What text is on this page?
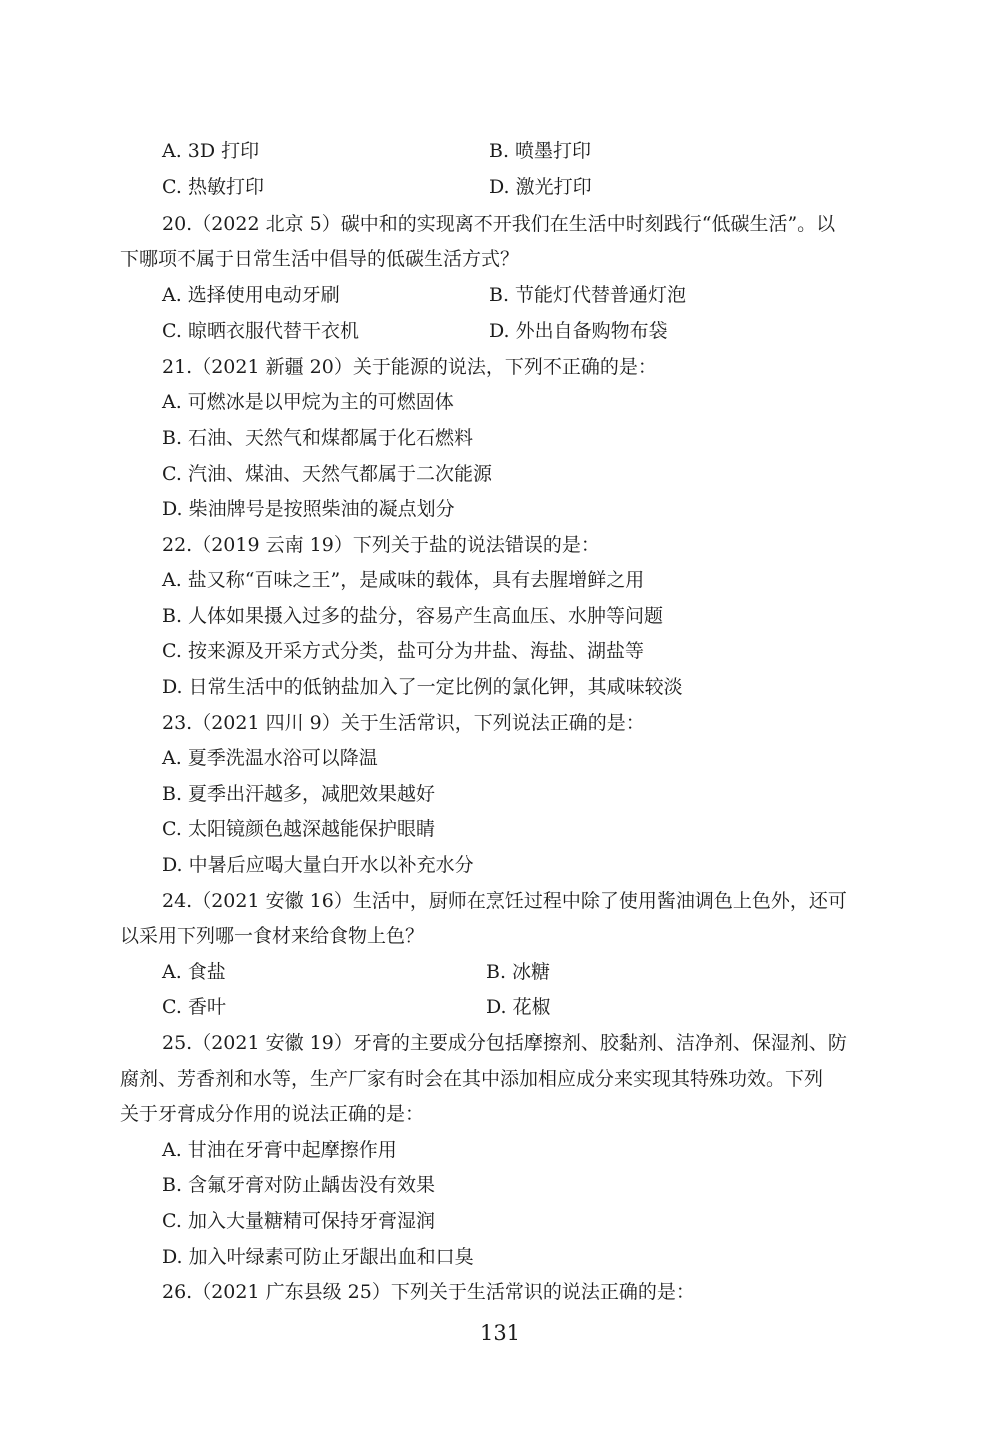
A. 3D 打印	B. 喷墨打印
C. 热敏打印	D. 激光打印
20.（2022 北京 5）碳中和的实现离不开我们在生活中时刻践行“低碳生活”。以
下哪项不属于日常生活中倡导的低碳生活方式？
A. 选择使用电动牙刷	B. 节能灯代替普通灯泡
C. 晾晒衣服代替干衣机	D. 外出自备购物布袋
21.（2021 新疆 20）关于能源的说法，下列不正确的是：
A. 可燃冰是以甲烷为主的可燃固体
B. 石油、天然气和煤都属于化石燃料
C. 汽油、煤油、天然气都属于二次能源
D. 柴油牌号是按照柴油的凝点划分
22.（2019 云南 19）下列关于盐的说法错误的是：
A. 盐又称“百味之王”，是咸味的载体，具有去腥增鲜之用
B. 人体如果摄入过多的盐分，容易产生高血压、水肿等问题
C. 按来源及开采方式分类，盐可分为井盐、海盐、湖盐等
D. 日常生活中的低钠盐加入了一定比例的氯化钾，其咸味较淡
23.（2021 四川 9）关于生活常识，下列说法正确的是：
A. 夏季洗温水浴可以降温
B. 夏季出汗越多，减肥效果越好
C. 太阳镜颜色越深越能保护眼睛
D. 中暑后应喝大量白开水以补充水分
24.（2021 安徽 16）生活中，厨师在烹饪过程中除了使用酱油调色上色外，还可
以采用下列哪一食材来给食物上色？
A. 食盐	B. 冰糖
C. 香叶	D. 花椒
25.（2021 安徽 19）牙膏的主要成分包括摩擦剂、胶黏剂、洁净剂、保湿剂、防
腐剂、芳香剂和水等，生产厂家有时会在其中添加相应成分来实现其特殊功效。下列
关于牙膏成分作用的说法正确的是：
A. 甘油在牙膏中起摩擦作用
B. 含氟牙膏对防止龋齿没有效果
C. 加入大量糖精可保持牙膏湿润
D. 加入叶绿素可防止牙龈出血和口臭
26.（2021 广东县级 25）下列关于生活常识的说法正确的是：
131
